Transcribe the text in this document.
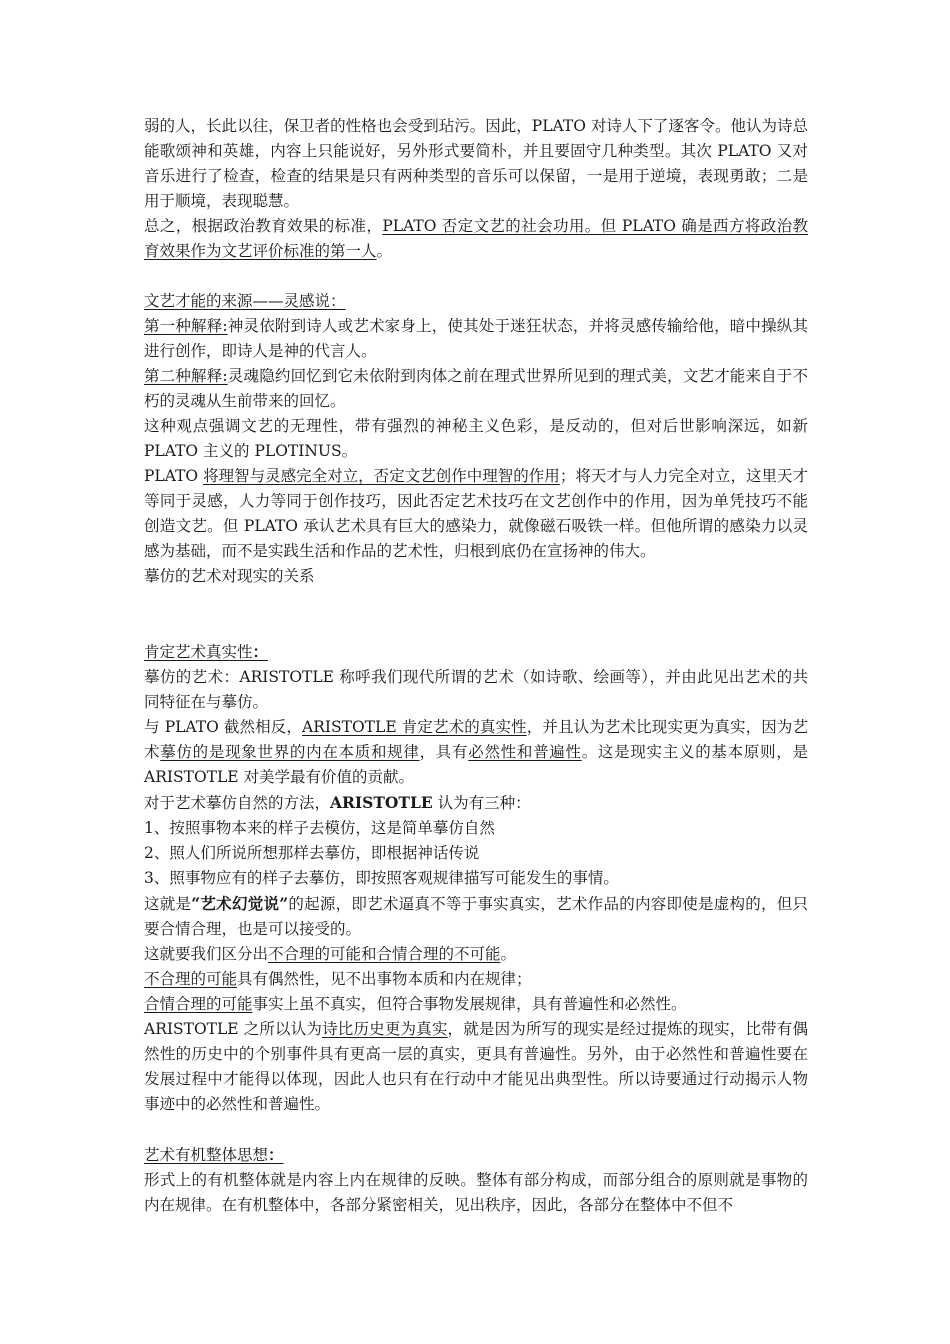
弱的人，长此以往，保卫者的性格也会受到玷污。因此，PLATO 对诗人下了逐客令。他认为诗总能歌颂神和英雄，内容上只能说好，另外形式要简朴，并且要固守几种类型。其次 PLATO 又对音乐进行了检查，检查的结果是只有两种类型的音乐可以保留，一是用于逆境，表现勇敢；二是用于顺境，表现聪慧。

总之，根据政治教育效果的标准，PLATO 否定文艺的社会功用。但 PLATO 确是西方将政治教育效果作为文艺评价标准的第一人。

文艺才能的来源——灵感说：

第一种解释:神灵依附到诗人或艺术家身上，使其处于迷狂状态，并将灵感传输给他，暗中操纵其进行创作，即诗人是神的代言人。

第二种解释:灵魂隐约回忆到它未依附到肉体之前在理式世界所见到的理式美，文艺才能来自于不朽的灵魂从生前带来的回忆。

这种观点强调文艺的无理性，带有强烈的神秘主义色彩，是反动的，但对后世影响深远，如新 PLATO 主义的 PLOTINUS。

PLATO 将理智与灵感完全对立，否定文艺创作中理智的作用；将天才与人力完全对立，这里天才等同于灵感，人力等同于创作技巧，因此否定艺术技巧在文艺创作中的作用，因为单凭技巧不能创造文艺。但 PLATO 承认艺术具有巨大的感染力，就像磁石吸铁一样。但他所谓的感染力以灵感为基础，而不是实践生活和作品的艺术性，归根到底仍在宣扬神的伟大。

摹仿的艺术对现实的关系

肯定艺术真实性：

摹仿的艺术：ARISTOTLE 称呼我们现代所谓的艺术（如诗歌、绘画等），并由此见出艺术的共同特征在与摹仿。

与 PLATO 截然相反，ARISTOTLE 肯定艺术的真实性，并且认为艺术比现实更为真实，因为艺术摹仿的是现象世界的内在本质和规律，具有必然性和普遍性。这是现实主义的基本原则，是 ARISTOTLE 对美学最有价值的贡献。

对于艺术摹仿自然的方法，ARISTOTLE 认为有三种：

1、按照事物本来的样子去模仿，这是简单摹仿自然

2、照人们所说所想那样去摹仿，即根据神话传说

3、照事物应有的样子去摹仿，即按照客观规律描写可能发生的事情。

这就是“艺术幻觉说”的起源，即艺术逼真不等于事实真实，艺术作品的内容即使是虚构的，但只要合情合理，也是可以接受的。

这就要我们区分出不合理的可能和合情合理的不可能。

不合理的可能具有偶然性，见不出事物本质和内在规律；

合情合理的可能事实上虽不真实，但符合事物发展规律，具有普遍性和必然性。

ARISTOTLE 之所以认为诗比历史更为真实，就是因为所写的现实是经过提炼的现实，比带有偶然性的历史中的个别事件具有更高一层的真实，更具有普遍性。另外，由于必然性和普遍性要在发展过程中才能得以体现，因此人也只有在行动中才能见出典型性。所以诗要通过行动揭示人物事迹中的必然性和普遍性。

艺术有机整体思想：

形式上的有机整体就是内容上内在规律的反映。整体有部分构成，而部分组合的原则就是事物的内在规律。在有机整体中，各部分紧密相关，见出秩序，因此，各部分在整体中不但不
